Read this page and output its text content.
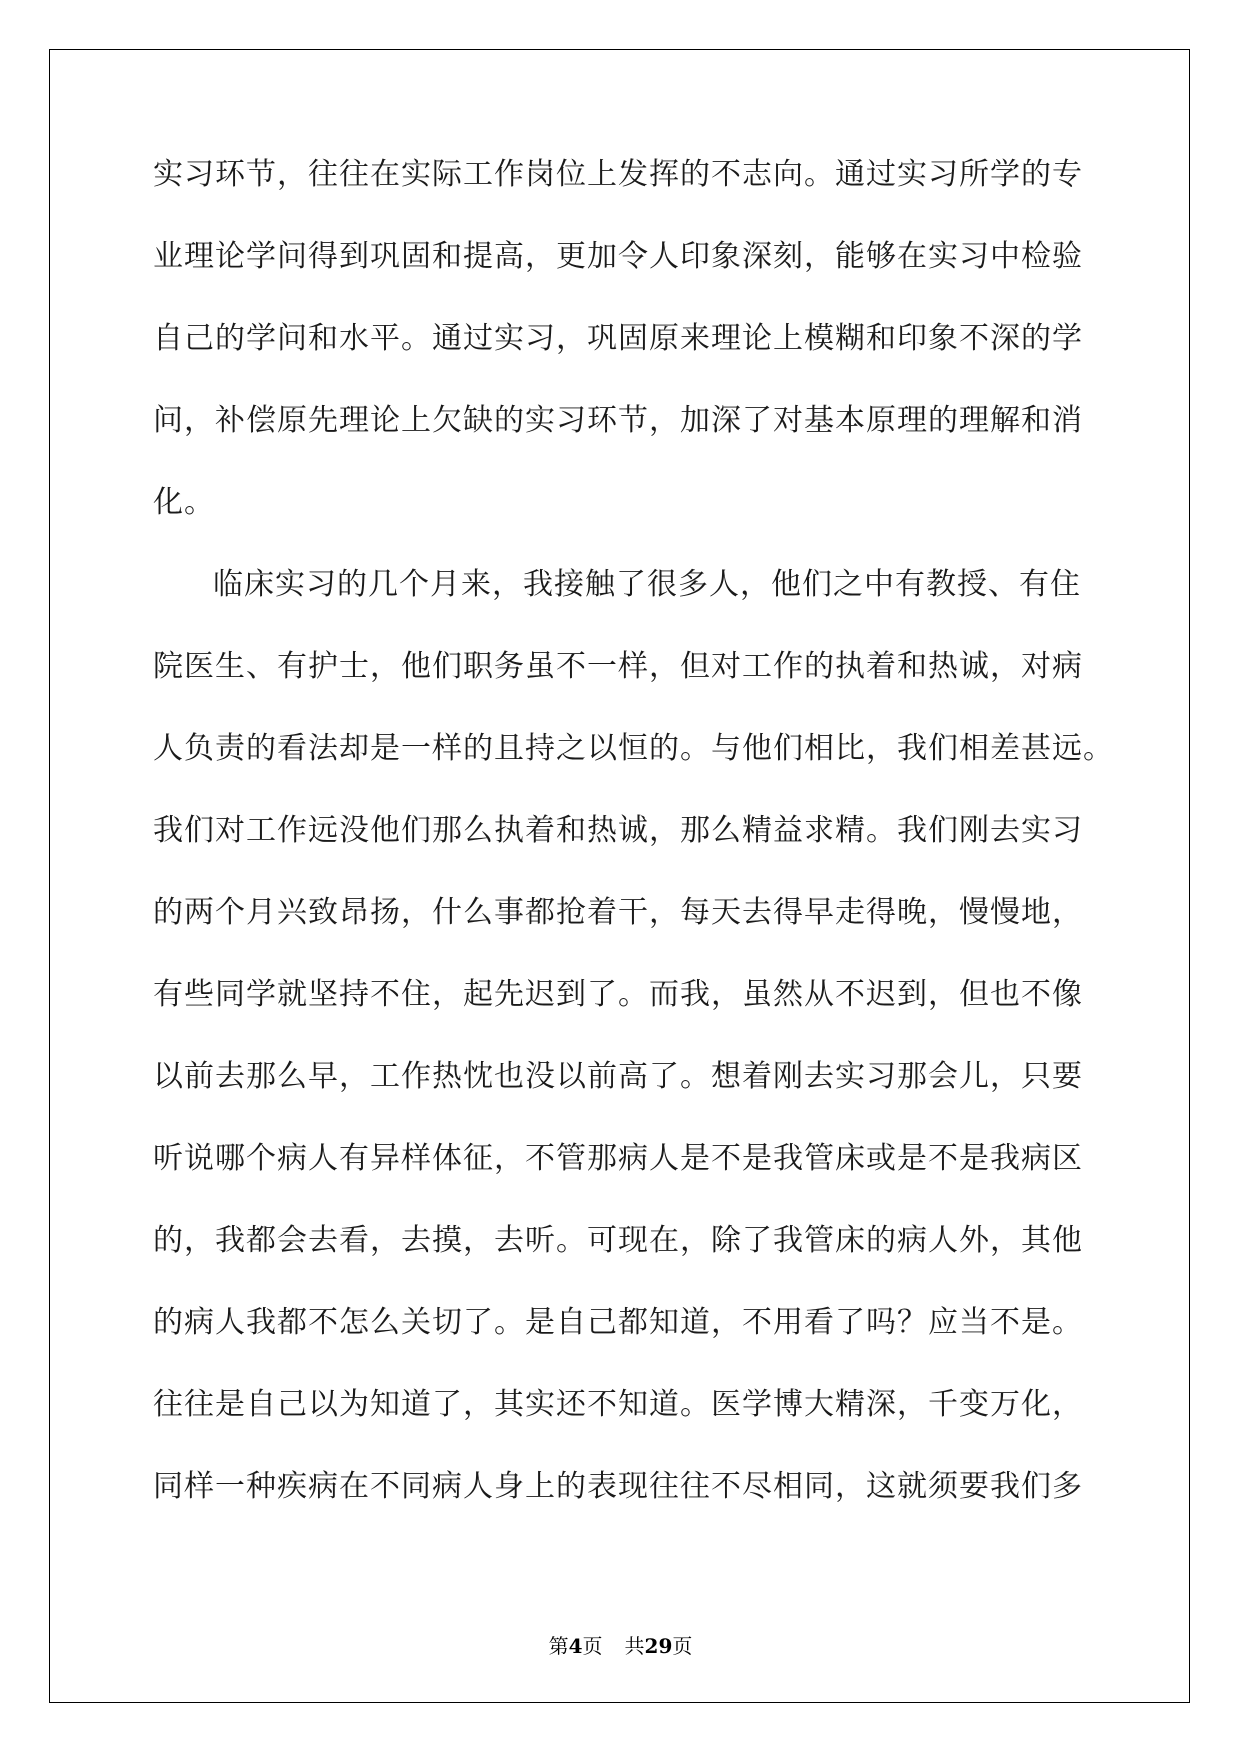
实习环节，往往在实际工作岗位上发挥的不志向。通过实习所学的专

业理论学问得到巩固和提高，更加令人印象深刻，能够在实习中检验

自己的学问和水平。通过实习，巩固原来理论上模糊和印象不深的学

问，补偿原先理论上欠缺的实习环节，加深了对基本原理的理解和消

化。

临床实习的几个月来，我接触了很多人，他们之中有教授、有住

院医生、有护士，他们职务虽不一样，但对工作的执着和热诚，对病

人负责的看法却是一样的且持之以恒的。与他们相比，我们相差甚远。

我们对工作远没他们那么执着和热诚，那么精益求精。我们刚去实习

的两个月兴致昂扬，什么事都抢着干，每天去得早走得晚，慢慢地，

有些同学就坚持不住，起先迟到了。而我，虽然从不迟到，但也不像

以前去那么早，工作热忱也没以前高了。想着刚去实习那会儿，只要

听说哪个病人有异样体征，不管那病人是不是我管床或是不是我病区

的，我都会去看，去摸，去听。可现在，除了我管床的病人外，其他

的病人我都不怎么关切了。是自己都知道，不用看了吗？应当不是。

往往是自己以为知道了，其实还不知道。医学博大精深，千变万化，

同样一种疾病在不同病人身上的表现往往不尽相同，这就须要我们多

第4页 共29页
